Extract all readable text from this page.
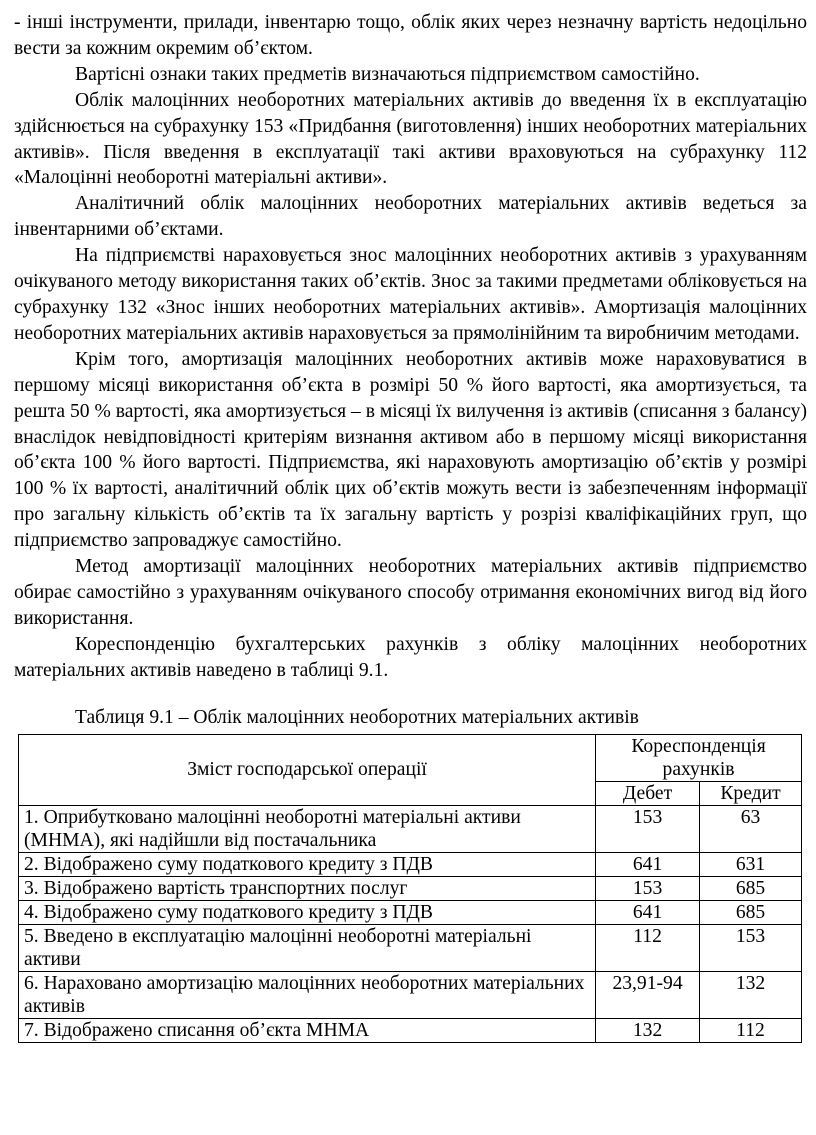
- інші інструменти, прилади, інвентарю тощо, облік яких через незначну вартість недоцільно вести за кожним окремим об’єктом.

Вартісні ознаки таких предметів визначаються підприємством самостійно.

Облік малоцінних необоротних матеріальних активів до введення їх в експлуатацію здійснюється на субрахунку 153 «Придбання (виготовлення) інших необоротних матеріальних активів». Після введення в експлуатації такі активи враховуються на субрахунку 112 «Малоцінні необоротні матеріальні активи».

Аналітичний облік малоцінних необоротних матеріальних активів ведеться за інвентарними об’єктами.

На підприємстві нараховується знос малоцінних необоротних активів з урахуванням очікуваного методу використання таких об’єктів. Знос за такими предметами обліковується на субрахунку 132 «Знос інших необоротних матеріальних активів». Амортизація малоцінних необоротних матеріальних активів нараховується за прямолінійним та виробничим методами.

Крім того, амортизація малоцінних необоротних активів може нараховуватися в першому місяці використання об’єкта в розмірі 50 % його вартості, яка амортизується, та решта 50 % вартості, яка амортизується – в місяці їх вилучення із активів (списання з балансу) внаслідок невідповідності критеріям визнання активом або в першому місяці використання об’єкта 100 % його вартості. Підприємства, які нараховують амортизацію об’єктів у розмірі 100 % їх вартості, аналітичний облік цих об’єктів можуть вести із забезпеченням інформації про загальну кількість об’єктів та їх загальну вартість у розрізі кваліфікаційних груп, що підприємство запроваджує самостійно.

Метод амортизації малоцінних необоротних матеріальних активів підприємство обирає самостійно з урахуванням очікуваного способу отримання економічних вигод від його використання.

Кореспонденцію бухгалтерських рахунків з обліку малоцінних необоротних матеріальних активів наведено в таблиці 9.1.

Таблиця 9.1 – Облік малоцінних необоротних матеріальних активів
Зміст господарської операції	Кореспонденція рахунків	
	Дебет	Кредит
1. Оприбутковано малоцінні необоротні матеріальні активи (МНМА), які надійшли від постачальника	153	63
2. Відображено суму податкового кредиту з ПДВ	641	631
3. Відображено вартість транспортних послуг	153	685
4. Відображено суму податкового кредиту з ПДВ	641	685
5. Введено в експлуатацію малоцінні необоротні матеріальні активи	112	153
6. Нараховано амортизацію малоцінних необоротних матеріальних активів	23,91-94	132
7. Відображено списання об’єкта МНМА	132	112
